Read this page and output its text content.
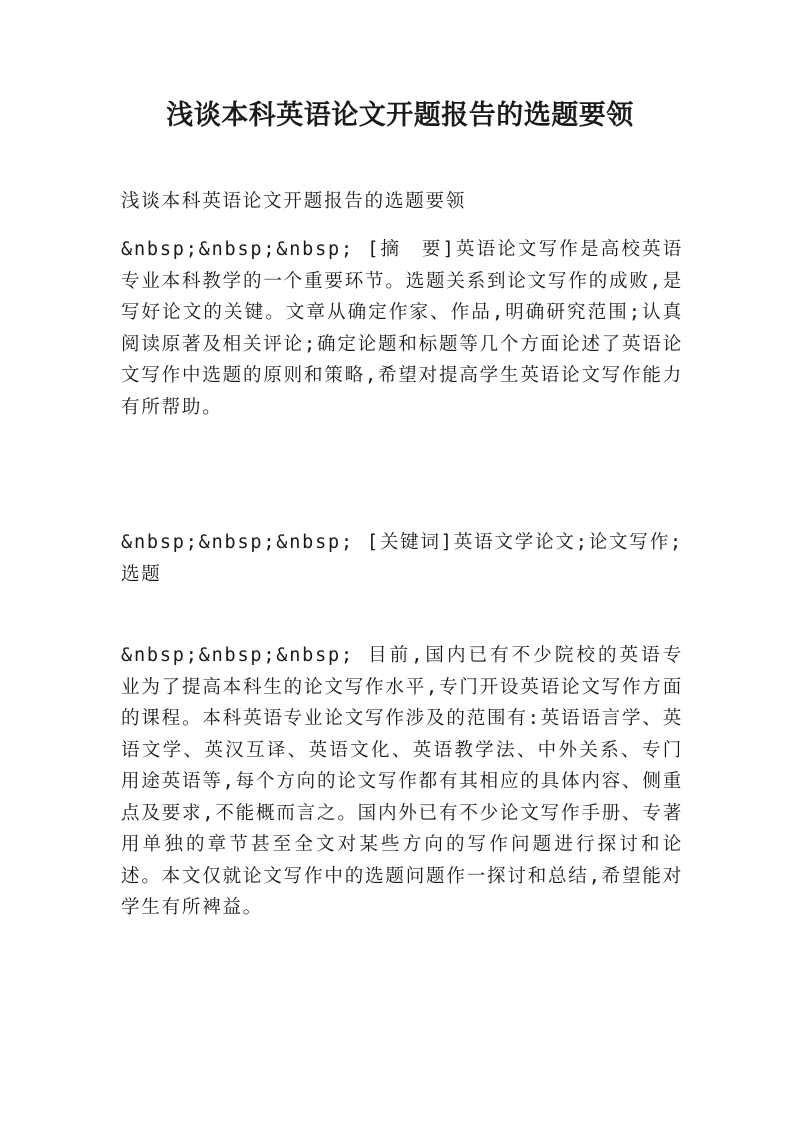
浅谈本科英语论文开题报告的选题要领

浅谈本科英语论文开题报告的选题要领

&nbsp;&nbsp;&nbsp; [摘　要]英语论文写作是高校英语专业本科教学的一个重要环节。选题关系到论文写作的成败,是写好论文的关键。文章从确定作家、作品,明确研究范围;认真阅读原著及相关评论;确定论题和标题等几个方面论述了英语论文写作中选题的原则和策略,希望对提高学生英语论文写作能力有所帮助。

&nbsp;&nbsp;&nbsp; [关键词]英语文学论文;论文写作;选题

&nbsp;&nbsp;&nbsp; 目前,国内已有不少院校的英语专业为了提高本科生的论文写作水平,专门开设英语论文写作方面的课程。本科英语专业论文写作涉及的范围有:英语语言学、英语文学、英汉互译、英语文化、英语教学法、中外关系、专门用途英语等,每个方向的论文写作都有其相应的具体内容、侧重点及要求,不能概而言之。国内外已有不少论文写作手册、专著用单独的章节甚至全文对某些方向的写作问题进行探讨和论述。本文仅就论文写作中的选题问题作一探讨和总结,希望能对学生有所裨益。
